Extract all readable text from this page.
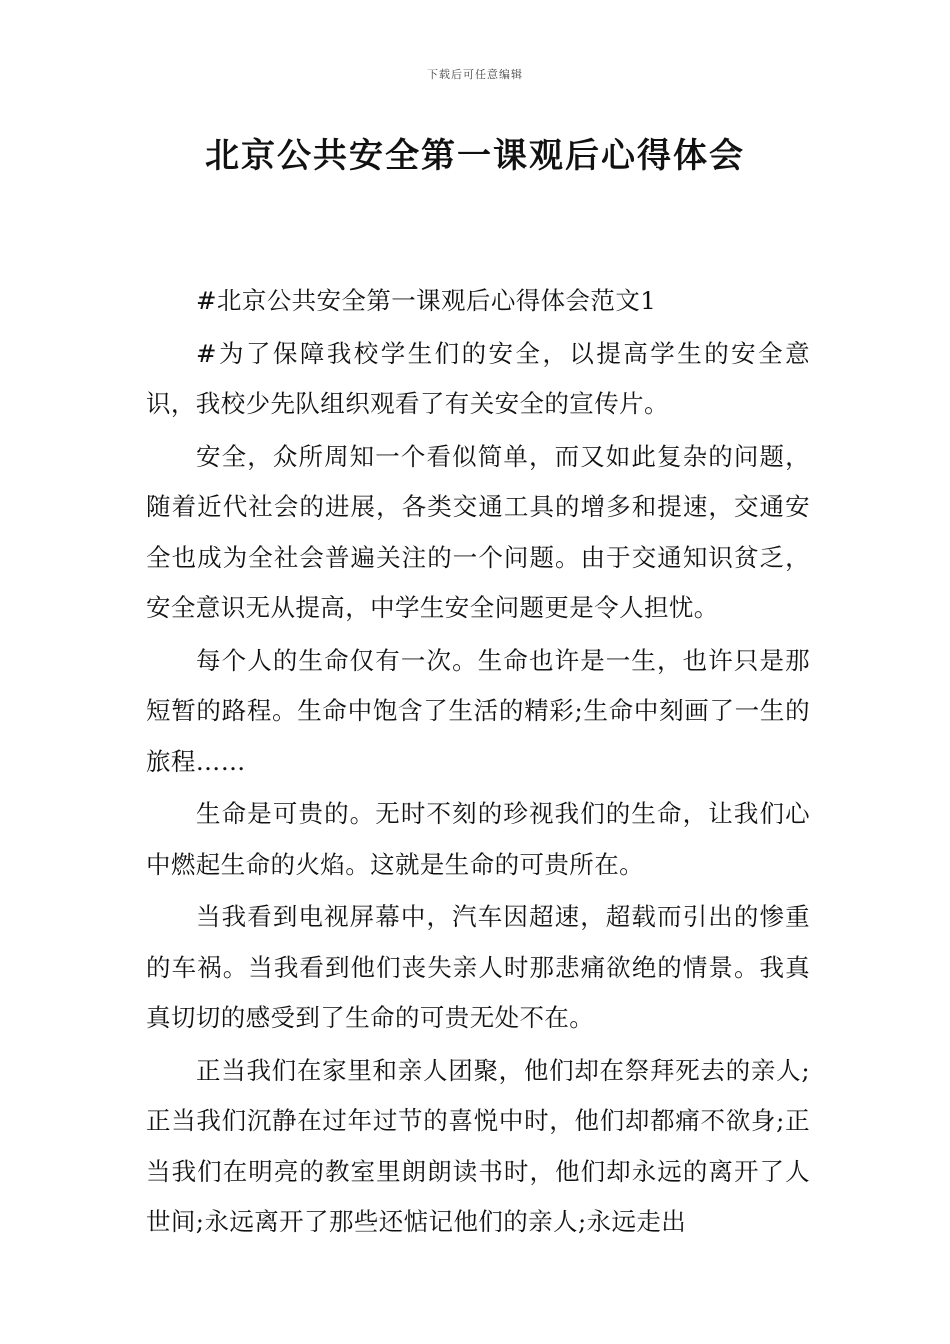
下载后可任意编辑
北京公共安全第一课观后心得体会

#北京公共安全第一课观后心得体会范文1

#为了保障我校学生们的安全，以提高学生的安全意识，我校少先队组织观看了有关安全的宣传片。

安全，众所周知一个看似简单，而又如此复杂的问题，随着近代社会的进展，各类交通工具的增多和提速，交通安全也成为全社会普遍关注的一个问题。由于交通知识贫乏，安全意识无从提高，中学生安全问题更是令人担忧。

每个人的生命仅有一次。生命也许是一生，也许只是那短暂的路程。生命中饱含了生活的精彩;生命中刻画了一生的旅程……

生命是可贵的。无时不刻的珍视我们的生命，让我们心中燃起生命的火焰。这就是生命的可贵所在。

当我看到电视屏幕中，汽车因超速，超载而引出的惨重的车祸。当我看到他们丧失亲人时那悲痛欲绝的情景。我真真切切的感受到了生命的可贵无处不在。

正当我们在家里和亲人团聚，他们却在祭拜死去的亲人;正当我们沉静在过年过节的喜悦中时，他们却都痛不欲身;正当我们在明亮的教室里朗朗读书时，他们却永远的离开了人世间;永远离开了那些还惦记他们的亲人;永远走出
